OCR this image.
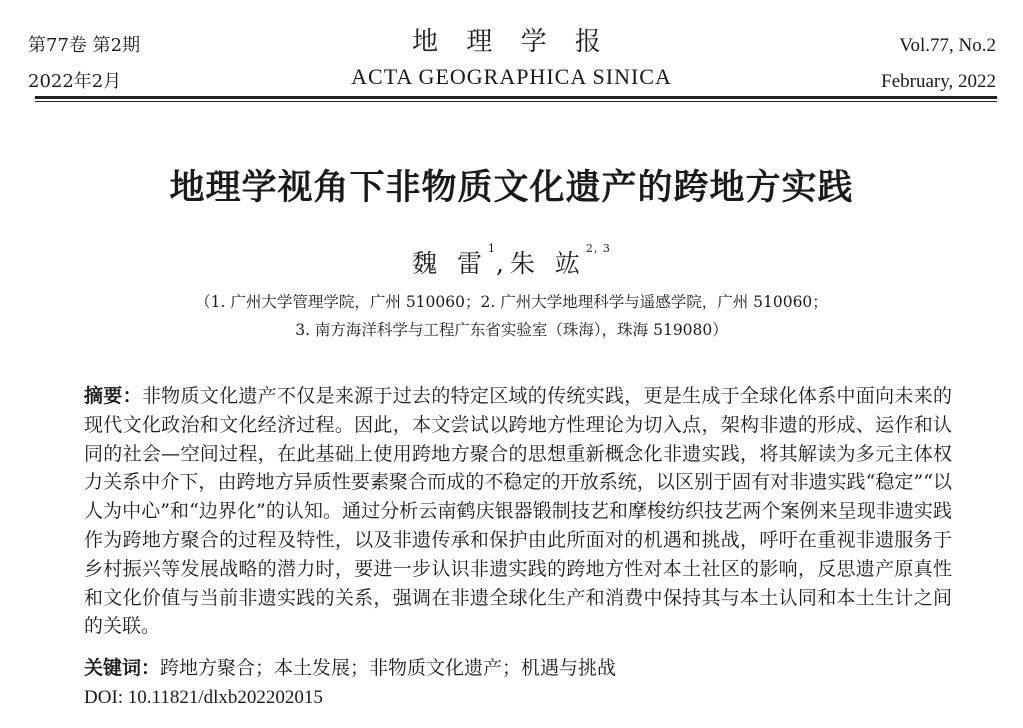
第77卷 第2期
2022年2月
地 理 学 报
ACTA GEOGRAPHICA SINICA
Vol.77, No.2
February, 2022
地理学视角下非物质文化遗产的跨地方实践
魏 雷$^1$,朱 竑$^{2, 3}$
（1. 广州大学管理学院，广州 510060；2. 广州大学地理科学与遥感学院，广州 510060；
3. 南方海洋科学与工程广东省实验室（珠海），珠海 519080）
摘要：非物质文化遗产不仅是来源于过去的特定区域的传统实践，更是生成于全球化体系中面向未来的现代文化政治和文化经济过程。因此，本文尝试以跨地方性理论为切入点，架构非遗的形成、运作和认同的社会—空间过程，在此基础上使用跨地方聚合的思想重新概念化非遗实践，将其解读为多元主体权力关系中介下，由跨地方异质性要素聚合而成的不稳定的开放系统，以区别于固有对非遗实践“稳定”“以人为中心”和“边界化”的认知。通过分析云南鹤庆银器锻制技艺和摩梭纺织技艺两个案例来呈现非遗实践作为跨地方聚合的过程及特性，以及非遗传承和保护由此所面对的机遇和挑战，呼吁在重视非遗服务于乡村振兴等发展战略的潜力时，要进一步认识非遗实践的跨地方性对本土社区的影响，反思遗产原真性和文化价值与当前非遗实践的关系，强调在非遗全球化生产和消费中保持其与本土认同和本土生计之间的关联。
关键词：跨地方聚合；本土发展；非物质文化遗产；机遇与挑战
DOI: 10.11821/dlxb202202015
